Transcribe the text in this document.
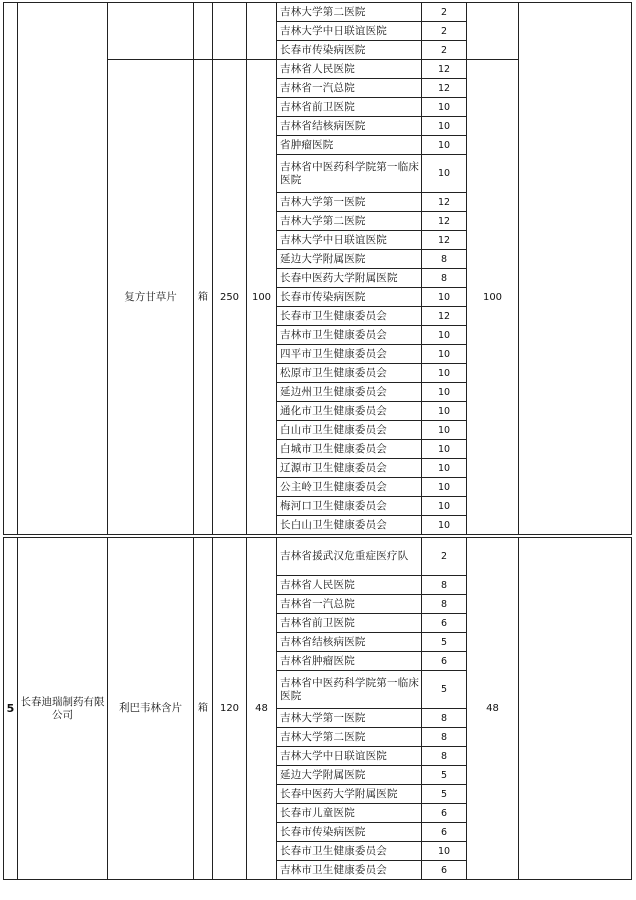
						吉林大学第二医院	2		
						吉林大学中日联谊医院	2		
						长春市传染病医院	2		
		复方甘草片	箱	250	100	吉林省人民医院	12	100	
						吉林省一汽总院	12		
						吉林省前卫医院	10		
						吉林省结核病医院	10		
						省肿瘤医院	10		
						吉林省中医药科学院第一临床医院	10		
						吉林大学第一医院	12		
						吉林大学第二医院	12		
						吉林大学中日联谊医院	12		
						延边大学附属医院	8		
						长春中医药大学附属医院	8		
						长春市传染病医院	10		
						长春市卫生健康委员会	12		
						吉林市卫生健康委员会	10		
						四平市卫生健康委员会	10		
						松原市卫生健康委员会	10		
						延边州卫生健康委员会	10		
						通化市卫生健康委员会	10		
						白山市卫生健康委员会	10		
						白城市卫生健康委员会	10		
						辽源市卫生健康委员会	10		
						公主岭卫生健康委员会	10		
						梅河口卫生健康委员会	10		
						长白山卫生健康委员会	10		

5	长春迪瑞制药有限公司	利巴韦林含片	箱	120	48	吉林省援武汉危重症医疗队	2	48	
						吉林省人民医院	8		
						吉林省一汽总院	8		
						吉林省前卫医院	6		
						吉林省结核病医院	5		
						吉林省肿瘤医院	6		
						吉林省中医药科学院第一临床医院	5		
						吉林大学第一医院	8		
						吉林大学第二医院	8		
						吉林大学中日联谊医院	8		
						延边大学附属医院	5		
						长春中医药大学附属医院	5		
						长春市儿童医院	6		
						长春市传染病医院	6		
						长春市卫生健康委员会	10		
						吉林市卫生健康委员会	6		
